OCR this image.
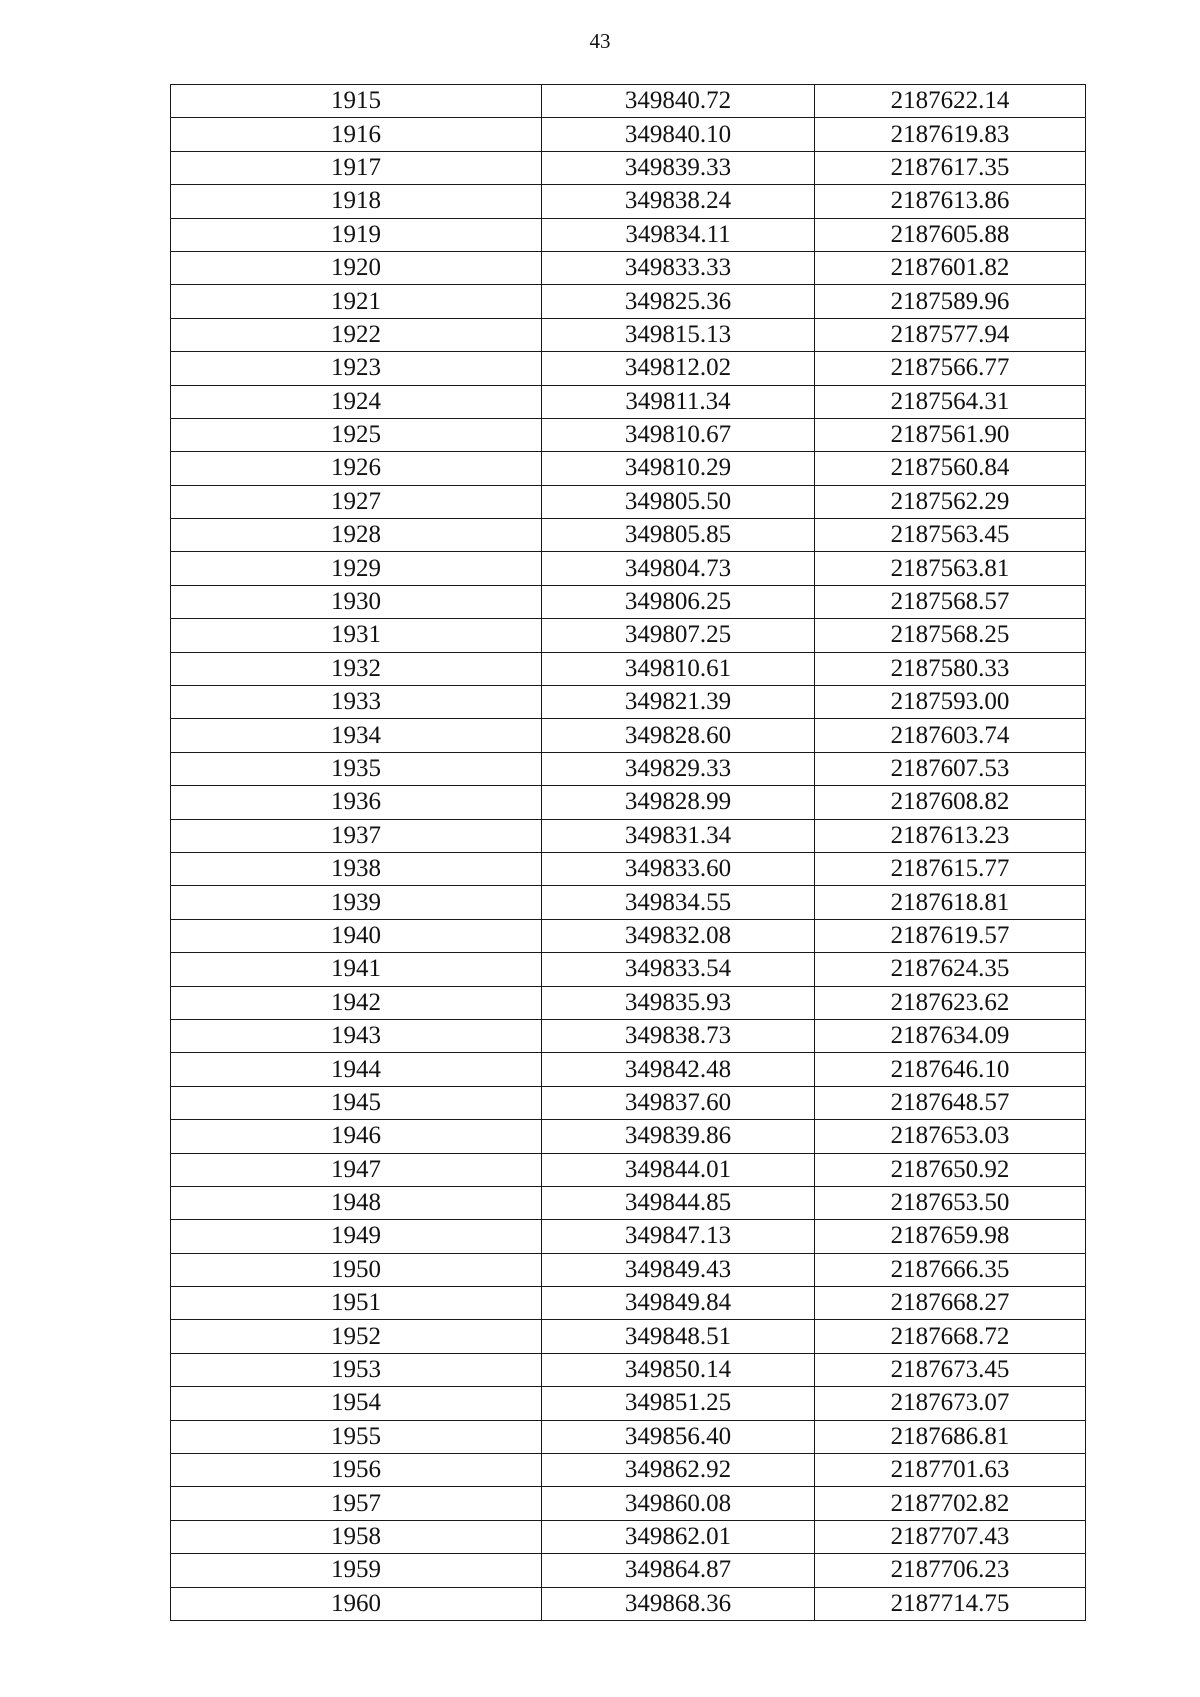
43
1915	349840.72	2187622.14
1916	349840.10	2187619.83
1917	349839.33	2187617.35
1918	349838.24	2187613.86
1919	349834.11	2187605.88
1920	349833.33	2187601.82
1921	349825.36	2187589.96
1922	349815.13	2187577.94
1923	349812.02	2187566.77
1924	349811.34	2187564.31
1925	349810.67	2187561.90
1926	349810.29	2187560.84
1927	349805.50	2187562.29
1928	349805.85	2187563.45
1929	349804.73	2187563.81
1930	349806.25	2187568.57
1931	349807.25	2187568.25
1932	349810.61	2187580.33
1933	349821.39	2187593.00
1934	349828.60	2187603.74
1935	349829.33	2187607.53
1936	349828.99	2187608.82
1937	349831.34	2187613.23
1938	349833.60	2187615.77
1939	349834.55	2187618.81
1940	349832.08	2187619.57
1941	349833.54	2187624.35
1942	349835.93	2187623.62
1943	349838.73	2187634.09
1944	349842.48	2187646.10
1945	349837.60	2187648.57
1946	349839.86	2187653.03
1947	349844.01	2187650.92
1948	349844.85	2187653.50
1949	349847.13	2187659.98
1950	349849.43	2187666.35
1951	349849.84	2187668.27
1952	349848.51	2187668.72
1953	349850.14	2187673.45
1954	349851.25	2187673.07
1955	349856.40	2187686.81
1956	349862.92	2187701.63
1957	349860.08	2187702.82
1958	349862.01	2187707.43
1959	349864.87	2187706.23
1960	349868.36	2187714.75
